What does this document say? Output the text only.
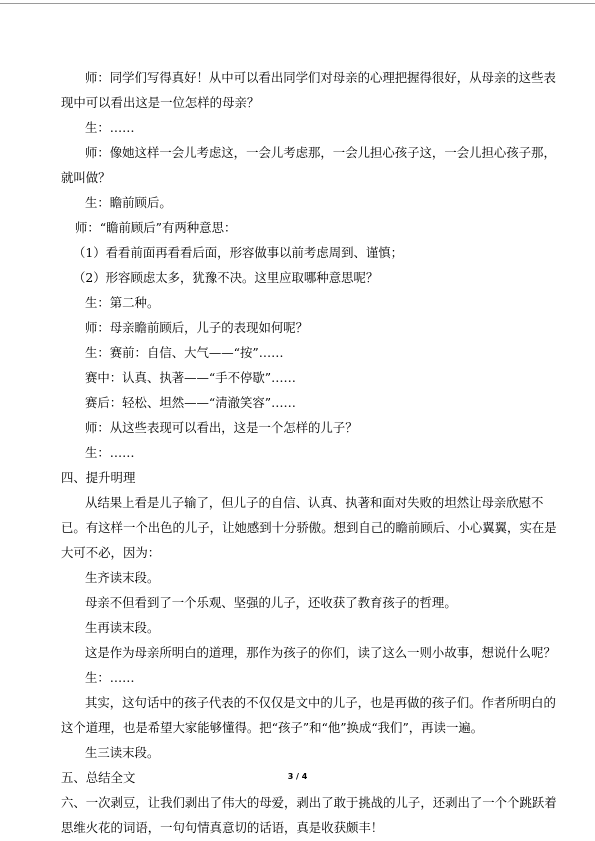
师：同学们写得真好！从中可以看出同学们对母亲的心理把握得很好，从母亲的这些表
现中可以看出这是一位怎样的母亲？
生：……
师：像她这样一会儿考虑这，一会儿考虑那，一会儿担心孩子这，一会儿担心孩子那，
就叫做？
生：瞻前顾后。
师：“瞻前顾后”有两种意思：
（1）看看前面再看看后面，形容做事以前考虑周到、谨慎；
（2）形容顾虑太多，犹豫不决。这里应取哪种意思呢？
生：第二种。
师：母亲瞻前顾后，儿子的表现如何呢？
生：赛前：自信、大气——“按”……
赛中：认真、执著——“手不停歇”……
赛后：轻松、坦然——“清澈笑容”……
师：从这些表现可以看出，这是一个怎样的儿子？
生：……
四、提升明理
从结果上看是儿子输了，但儿子的自信、认真、执著和面对失败的坦然让母亲欣慰不
已。有这样一个出色的儿子，让她感到十分骄傲。想到自己的瞻前顾后、小心翼翼，实在是
大可不必，因为：
生齐读末段。
母亲不但看到了一个乐观、坚强的儿子，还收获了教育孩子的哲理。
生再读末段。
这是作为母亲所明白的道理，那作为孩子的你们，读了这么一则小故事，想说什么呢？
生：……
其实，这句话中的孩子代表的不仅仅是文中的儿子，也是再做的孩子们。作者所明白的
这个道理，也是希望大家能够懂得。把“孩子”和“他”换成“我们”，再读一遍。
生三读末段。
五、总结全文
六、一次剥豆，让我们剥出了伟大的母爱，剥出了敢于挑战的儿子，还剥出了一个个跳跃着
思维火花的词语，一句句情真意切的话语，真是收获颇丰！
3 / 4
